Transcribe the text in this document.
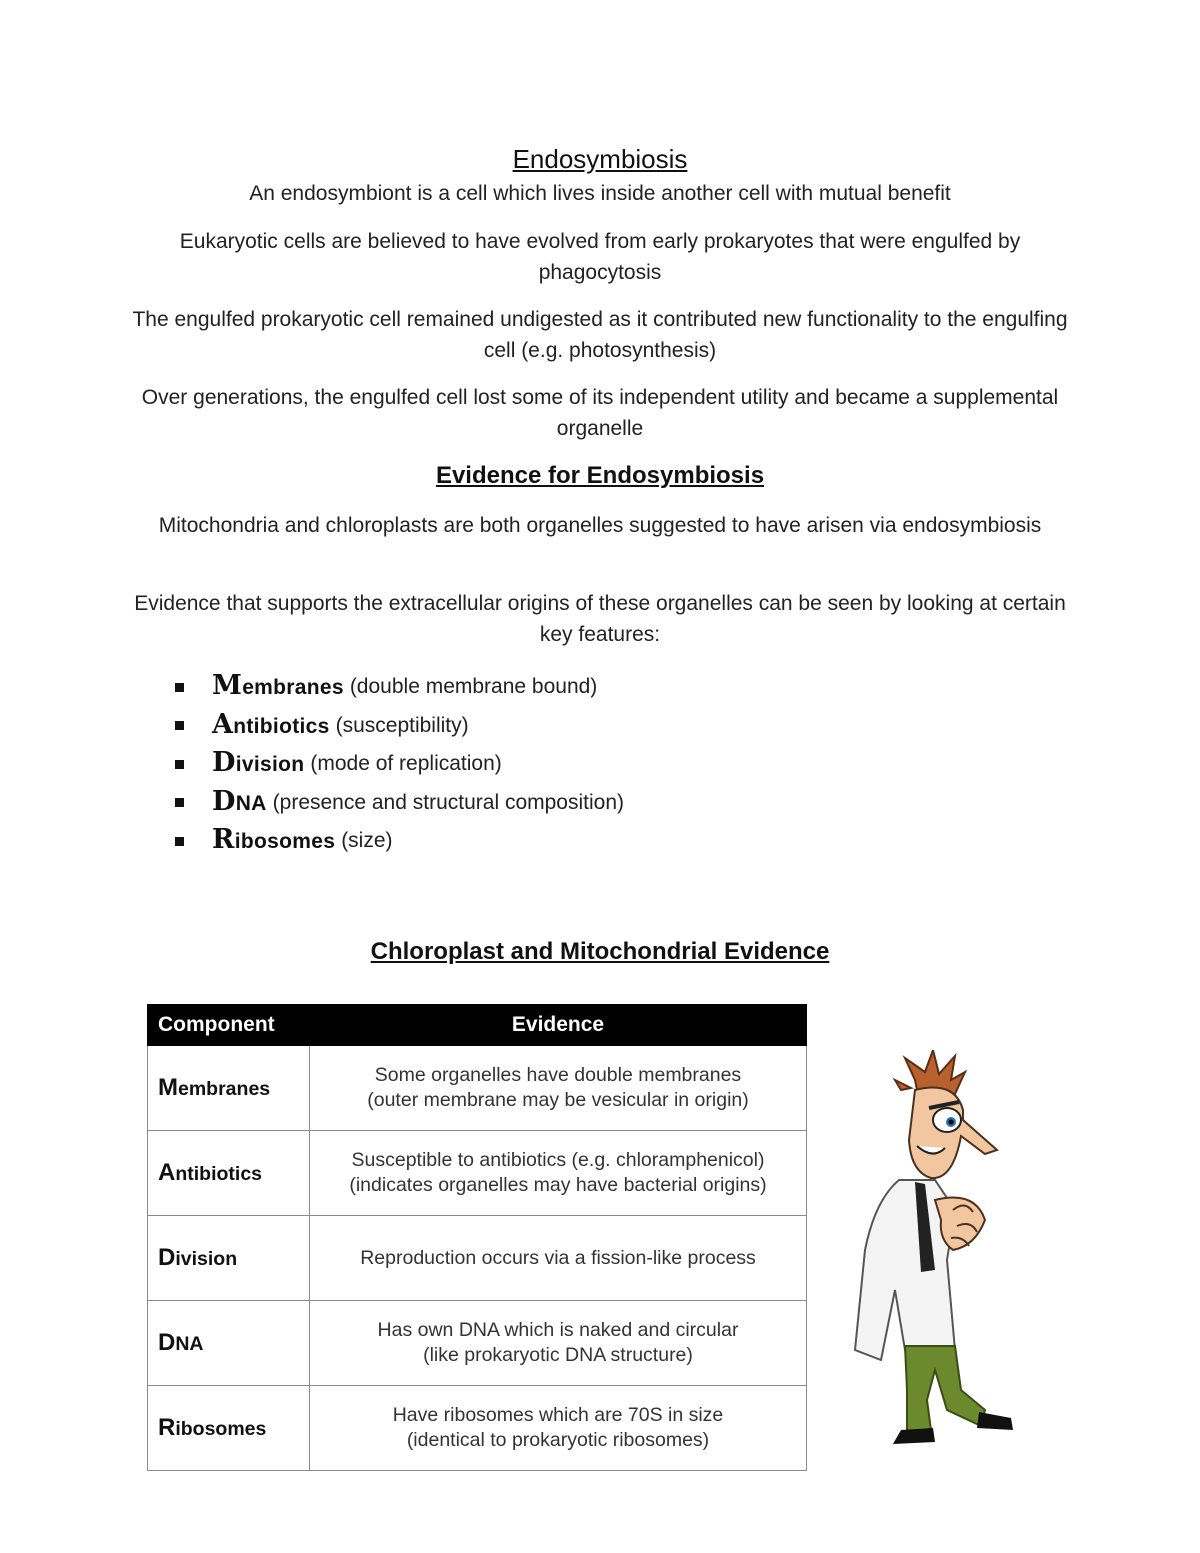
Endosymbiosis
An endosymbiont is a cell which lives inside another cell with mutual benefit
Eukaryotic cells are believed to have evolved from early prokaryotes that were engulfed by phagocytosis
The engulfed prokaryotic cell remained undigested as it contributed new functionality to the engulfing cell (e.g. photosynthesis)
Over generations, the engulfed cell lost some of its independent utility and became a supplemental organelle
Evidence for Endosymbiosis
Mitochondria and chloroplasts are both organelles suggested to have arisen via endosymbiosis
Evidence that supports the extracellular origins of these organelles can be seen by looking at certain key features:
Membranes (double membrane bound)
Antibiotics (susceptibility)
Division (mode of replication)
DNA (presence and structural composition)
Ribosomes (size)
Chloroplast and Mitochondrial Evidence
Component	Evidence
Membranes	Some organelles have double membranes
(outer membrane may be vesicular in origin)

Antibiotics	Susceptible to antibiotics (e.g. chloramphenicol)
(indicates organelles may have bacterial origins)

Division	Reproduction occurs via a fission-like process

DNA	Has own DNA which is naked and circular
(like prokaryotic DNA structure)

Ribosomes	Have ribosomes which are 70S in size
(identical to prokaryotic ribosomes)
